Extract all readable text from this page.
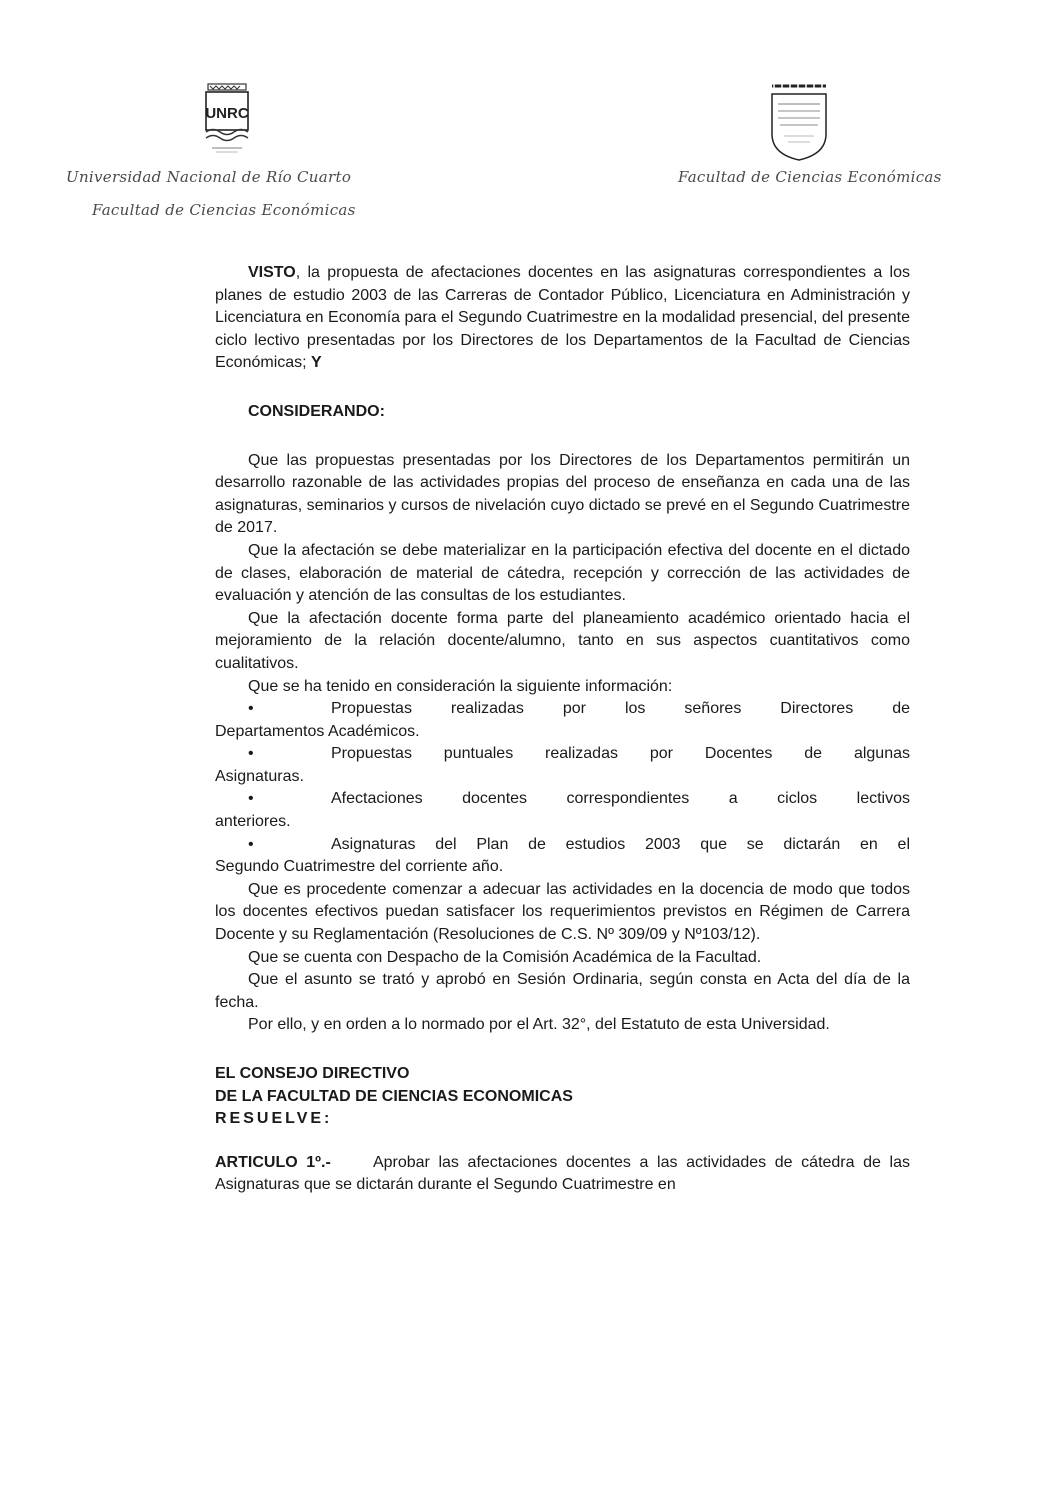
UNRC
Universidad Nacional de Río Cuarto
Facultad de Ciencias Económicas
Facultad de Ciencias Económicas

VISTO, la propuesta de afectaciones docentes en las asignaturas correspondientes a los planes de estudio 2003 de las Carreras de Contador Público, Licenciatura en Administración y Licenciatura en Economía para el Segundo Cuatrimestre en la modalidad presencial, del presente ciclo lectivo presentadas por los Directores de los Departamentos de la Facultad de Ciencias Económicas; Y

CONSIDERANDO:

Que las propuestas presentadas por los Directores de los Departamentos permitirán un desarrollo razonable de las actividades propias del proceso de enseñanza en cada una de las asignaturas, seminarios y cursos de nivelación cuyo dictado se prevé en el Segundo Cuatrimestre de 2017.

Que la afectación se debe materializar en la participación efectiva del docente en el dictado de clases, elaboración de material de cátedra, recepción y corrección de las actividades de evaluación y atención de las consultas de los estudiantes.

Que la afectación docente forma parte del planeamiento académico orientado hacia el mejoramiento de la relación docente/alumno, tanto en sus aspectos cuantitativos como cualitativos.

Que se ha tenido en consideración la siguiente información:

•	Propuestas realizadas por los señores Directores de
Departamentos Académicos.
•	Propuestas puntuales realizadas por Docentes de algunas
Asignaturas.
•	Afectaciones docentes correspondientes a ciclos lectivos
anteriores.
•	Asignaturas del Plan de estudios 2003 que se dictarán en el
Segundo Cuatrimestre del corriente año.

Que es procedente comenzar a adecuar las actividades en la docencia de modo que todos los docentes efectivos puedan satisfacer los requerimientos previstos en Régimen de Carrera Docente y su Reglamentación (Resoluciones de C.S. Nº 309/09 y Nº103/12).

Que se cuenta con Despacho de la Comisión Académica de la Facultad.

Que el asunto se trató y aprobó en Sesión Ordinaria, según consta en Acta del día de la fecha.

Por ello, y en orden a lo normado por el Art. 32°, del Estatuto de esta Universidad.

EL CONSEJO DIRECTIVO

DE LA FACULTAD DE CIENCIAS ECONOMICAS

RESUELVE:

ARTICULO 1º.-	Aprobar las afectaciones docentes a las actividades de cátedra de las Asignaturas que se dictarán durante el Segundo Cuatrimestre en
